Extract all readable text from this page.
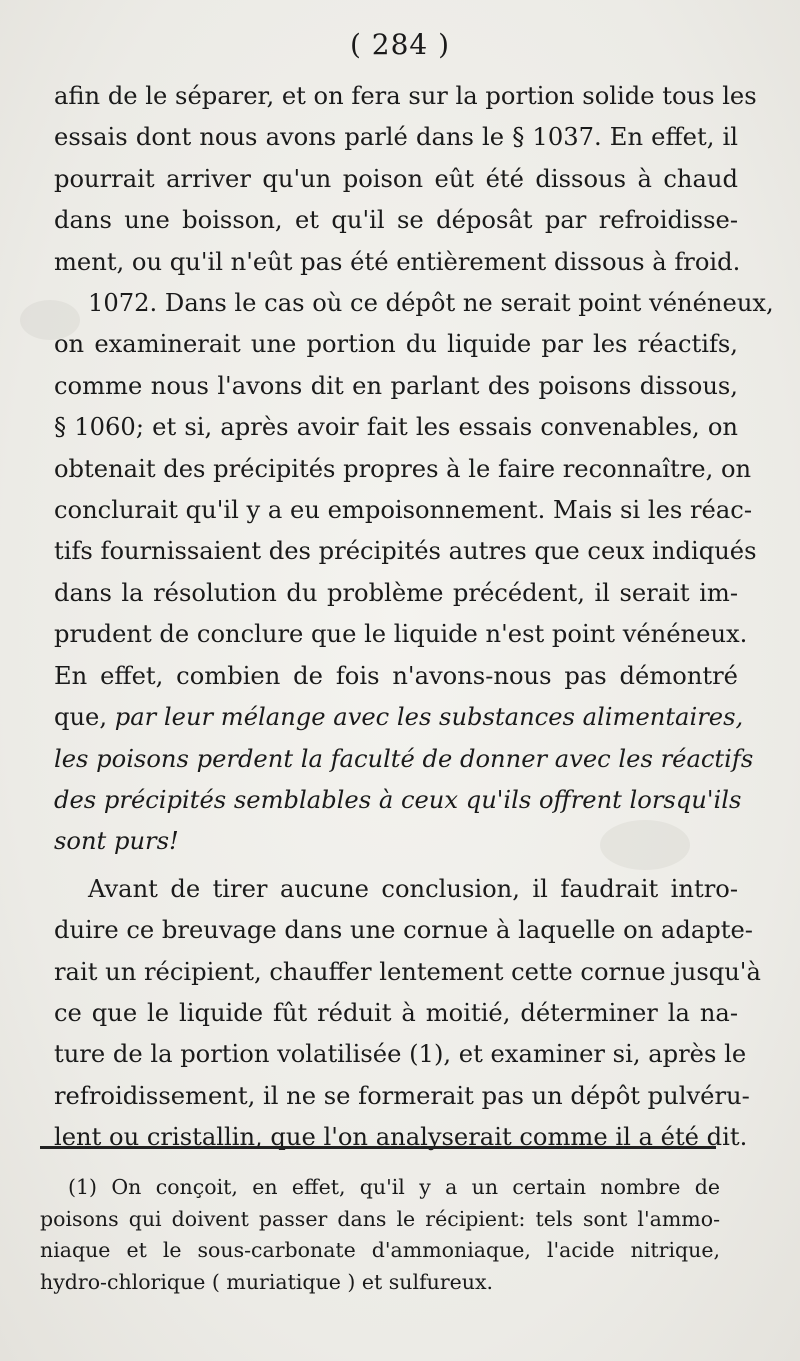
( 284 )

afin de le séparer, et on fera sur la portion solide tous les
essais dont nous avons parlé dans le § 1037. En effet, il
pourrait arriver qu'un poison eût été dissous à chaud
dans une boisson, et qu'il se déposât par refroidisse-
ment, ou qu'il n'eût pas été entièrement dissous à froid.

1072. Dans le cas où ce dépôt ne serait point vénéneux,
on examinerait une portion du liquide par les réactifs,
comme nous l'avons dit en parlant des poisons dissous,
§ 1060; et si, après avoir fait les essais convenables, on
obtenait des précipités propres à le faire reconnaître, on
conclurait qu'il y a eu empoisonnement. Mais si les réac-
tifs fournissaient des précipités autres que ceux indiqués
dans la résolution du problème précédent, il serait im-
prudent de conclure que le liquide n'est point vénéneux.
En effet, combien de fois n'avons-nous pas démontré
que, par leur mélange avec les substances alimentaires,
les poisons perdent la faculté de donner avec les réactifs
des précipités semblables à ceux qu'ils offrent lorsqu'ils
sont purs!

Avant de tirer aucune conclusion, il faudrait intro-
duire ce breuvage dans une cornue à laquelle on adapte-
rait un récipient, chauffer lentement cette cornue jusqu'à
ce que le liquide fût réduit à moitié, déterminer la na-
ture de la portion volatilisée (1), et examiner si, après le
refroidissement, il ne se formerait pas un dépôt pulvéru-
lent ou cristallin, que l'on analyserait comme il a été dit.

(1) On conçoit, en effet, qu'il y a un certain nombre de
poisons qui doivent passer dans le récipient: tels sont l'ammo-
niaque et le sous-carbonate d'ammoniaque, l'acide nitrique,
hydro-chlorique ( muriatique ) et sulfureux.
